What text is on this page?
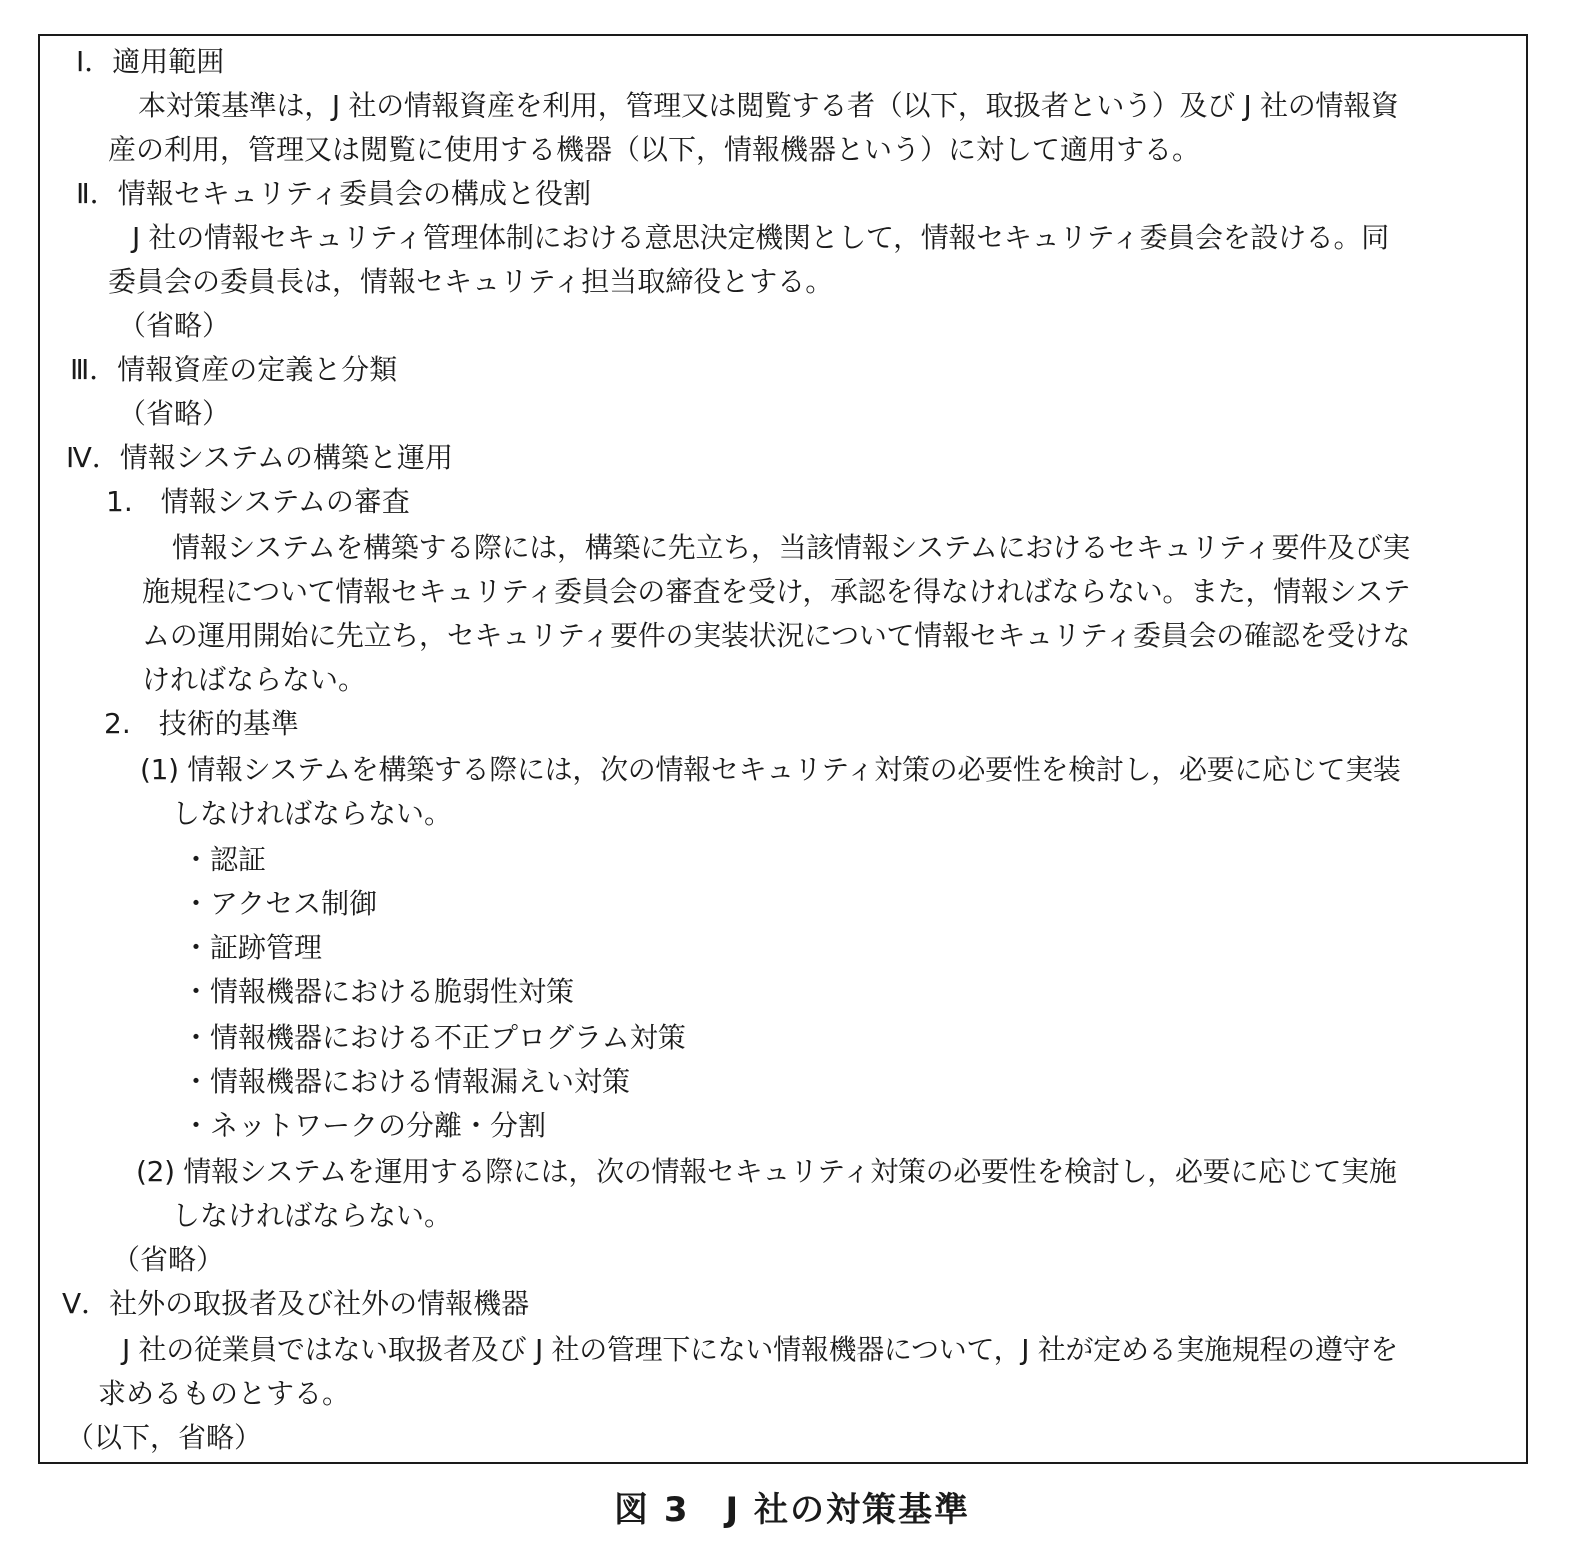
Ⅰ．適用範囲
本対策基準は，J 社の情報資産を利用，管理又は閲覧する者（以下，取扱者という）及び J 社の情報資
産の利用，管理又は閲覧に使用する機器（以下，情報機器という）に対して適用する。
Ⅱ．情報セキュリティ委員会の構成と役割
J 社の情報セキュリティ管理体制における意思決定機関として，情報セキュリティ委員会を設ける。同
委員会の委員長は，情報セキュリティ担当取締役とする。
（省略）
Ⅲ．情報資産の定義と分類
（省略）
Ⅳ．情報システムの構築と運用
1.　情報システムの審査
情報システムを構築する際には，構築に先立ち，当該情報システムにおけるセキュリティ要件及び実
施規程について情報セキュリティ委員会の審査を受け，承認を得なければならない。また，情報システ
ムの運用開始に先立ち，セキュリティ要件の実装状況について情報セキュリティ委員会の確認を受けな
ければならない。
2.　技術的基準
(1) 情報システムを構築する際には，次の情報セキュリティ対策の必要性を検討し，必要に応じて実装
しなければならない。
・認証
・アクセス制御
・証跡管理
・情報機器における脆弱性対策
・情報機器における不正プログラム対策
・情報機器における情報漏えい対策
・ネットワークの分離・分割
(2) 情報システムを運用する際には，次の情報セキュリティ対策の必要性を検討し，必要に応じて実施
しなければならない。
（省略）
Ⅴ．社外の取扱者及び社外の情報機器
J 社の従業員ではない取扱者及び J 社の管理下にない情報機器について，J 社が定める実施規程の遵守を
求めるものとする。
（以下，省略）
図 3　J 社の対策基準
